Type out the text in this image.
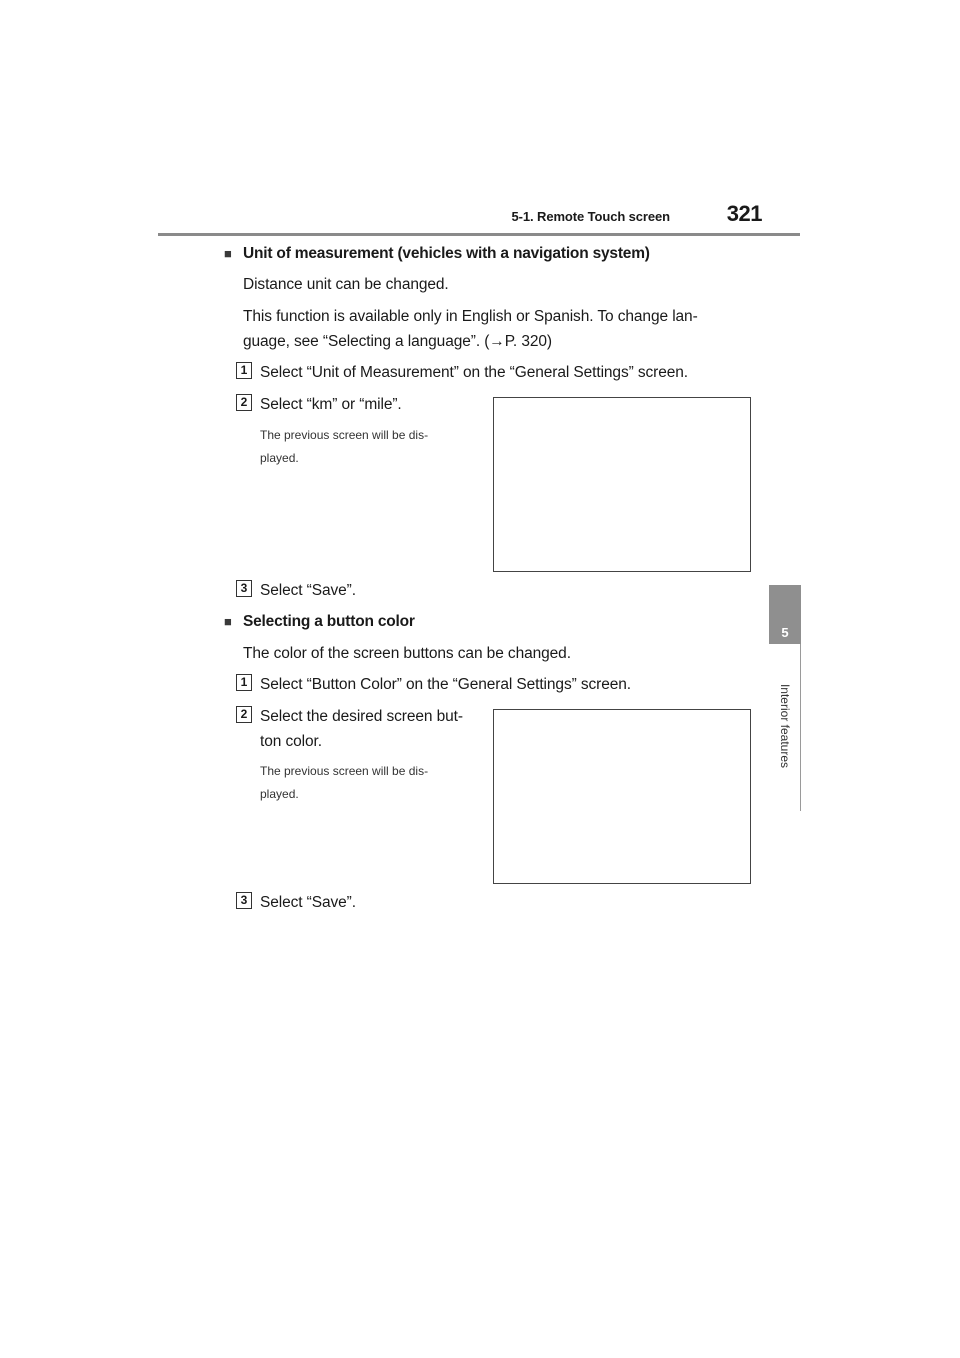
5-1. Remote Touch screen	321
5
Interior features
■ Unit of measurement (vehicles with a navigation system)
Distance unit can be changed.
This function is available only in English or Spanish. To change lan-
guage, see “Selecting a language”. (→P. 320)
1 Select “Unit of Measurement” on the “General Settings” screen.
2 Select “km” or “mile”.
The previous screen will be dis-
played.
3 Select “Save”.
■ Selecting a button color
The color of the screen buttons can be changed.
1 Select “Button Color” on the “General Settings” screen.
2 Select the desired screen but-
ton color.
The previous screen will be dis-
played.
3 Select “Save”.
